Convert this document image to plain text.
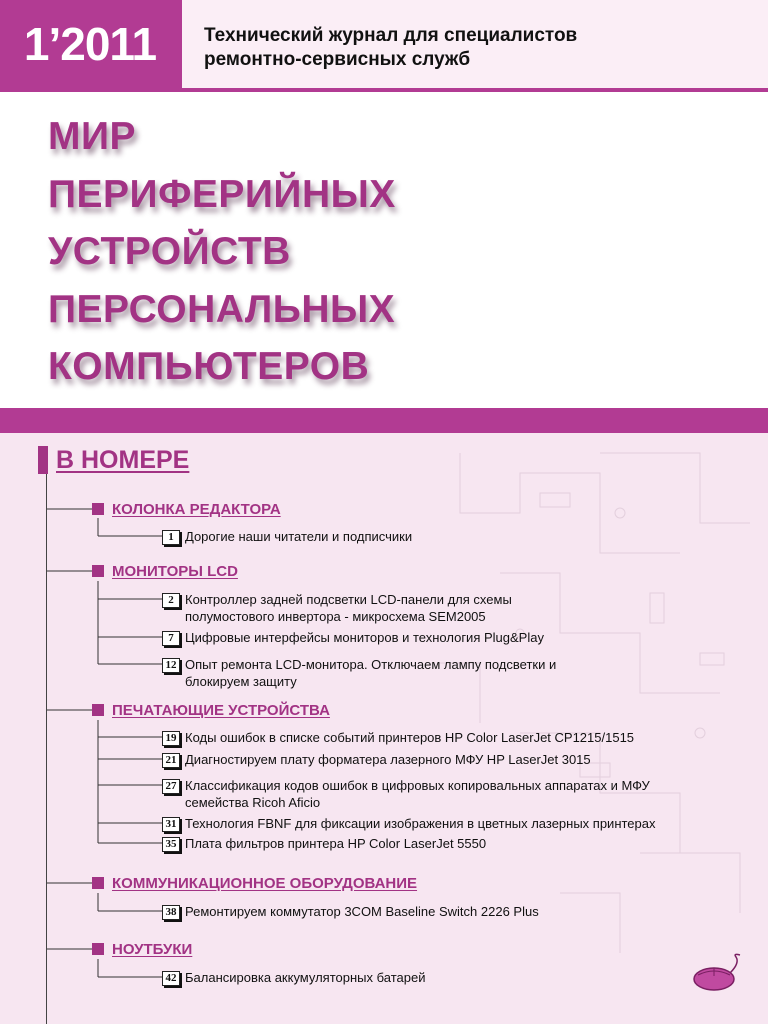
1’2011	Технический журнал для специалистов
ремонтно-сервисных служб
МИР
ПЕРИФЕРИЙНЫХ
УСТРОЙСТВ
ПЕРСОНАЛЬНЫХ
КОМПЬЮТЕРОВ
В НОМЕРЕ
КОЛОНКА РЕДАКТОРА
1 Дорогие наши читатели и подписчики
МОНИТОРЫ LCD
2 Контроллер задней подсветки LCD-панели для схемы
полумостового инвертора - микросхема SEM2005
7 Цифровые интерфейсы мониторов и технология Plug&Play
12 Опыт ремонта LCD-монитора. Отключаем лампу подсветки и
блокируем защиту
ПЕЧАТАЮЩИЕ УСТРОЙСТВА
19 Коды ошибок в списке событий принтеров HP Color LaserJet CP1215/1515
21 Диагностируем плату форматера лазерного МФУ HP LaserJet 3015
27 Классификация кодов ошибок в цифровых копировальных аппаратах и МФУ
семейства Ricoh Aficio
31 Технология FBNF для фиксации изображения в цветных лазерных принтерах
35 Плата фильтров принтера HP Color LaserJet 5550
КОММУНИКАЦИОННОЕ ОБОРУДОВАНИЕ
38 Ремонтируем коммутатор 3COM Baseline Switch 2226 Plus
НОУТБУКИ
42 Балансировка аккумуляторных батарей
